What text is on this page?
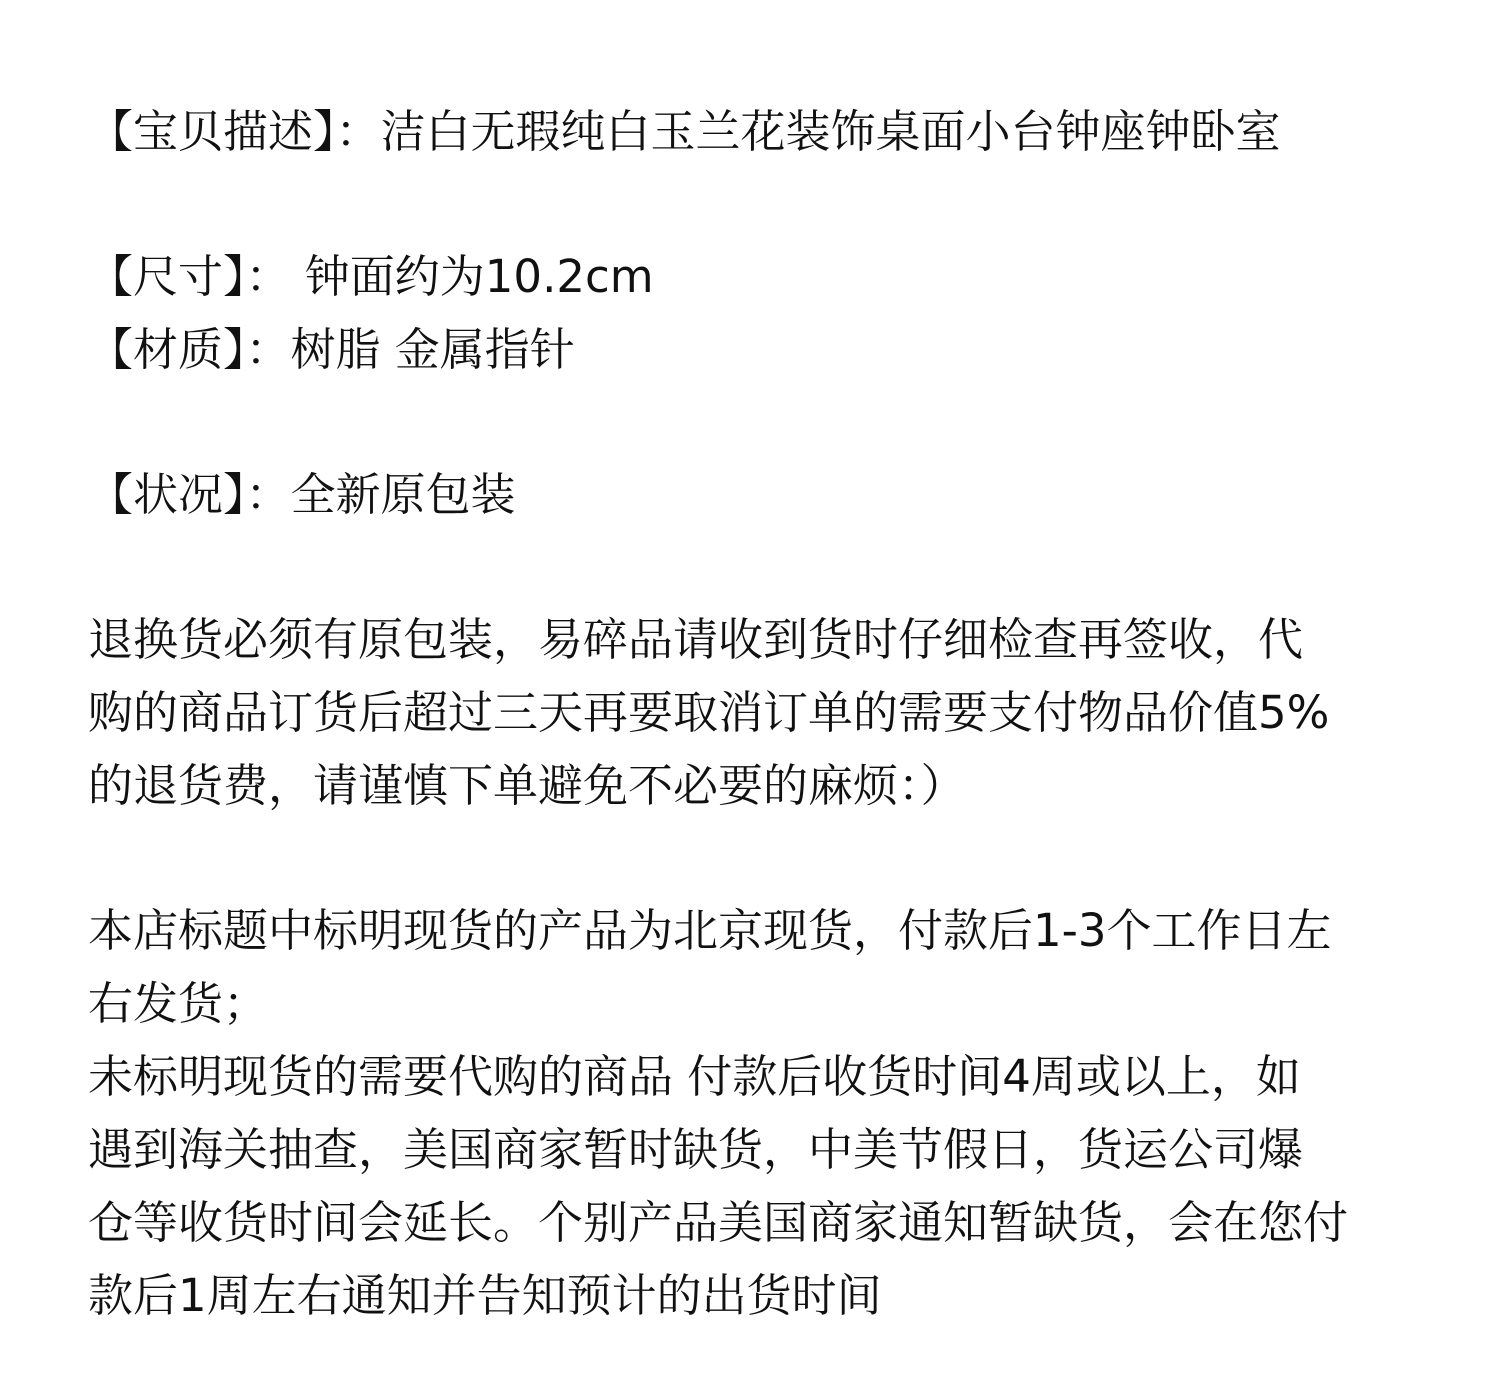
【宝贝描述】：洁白无瑕纯白玉兰花装饰桌面小台钟座钟卧室

【尺寸】： 钟面约为10.2cm

【材质】：树脂 金属指针

【状况】：全新原包装

退换货必须有原包装，易碎品请收到货时仔细检查再签收，代

购的商品订货后超过三天再要取消订单的需要支付物品价值5%

的退货费，请谨慎下单避免不必要的麻烦：）

本店标题中标明现货的产品为北京现货，付款后1-3个工作日左

右发货；

未标明现货的需要代购的商品 付款后收货时间4周或以上，如

遇到海关抽查，美国商家暂时缺货，中美节假日，货运公司爆

仓等收货时间会延长。个别产品美国商家通知暂缺货，会在您付

款后1周左右通知并告知预计的出货时间
